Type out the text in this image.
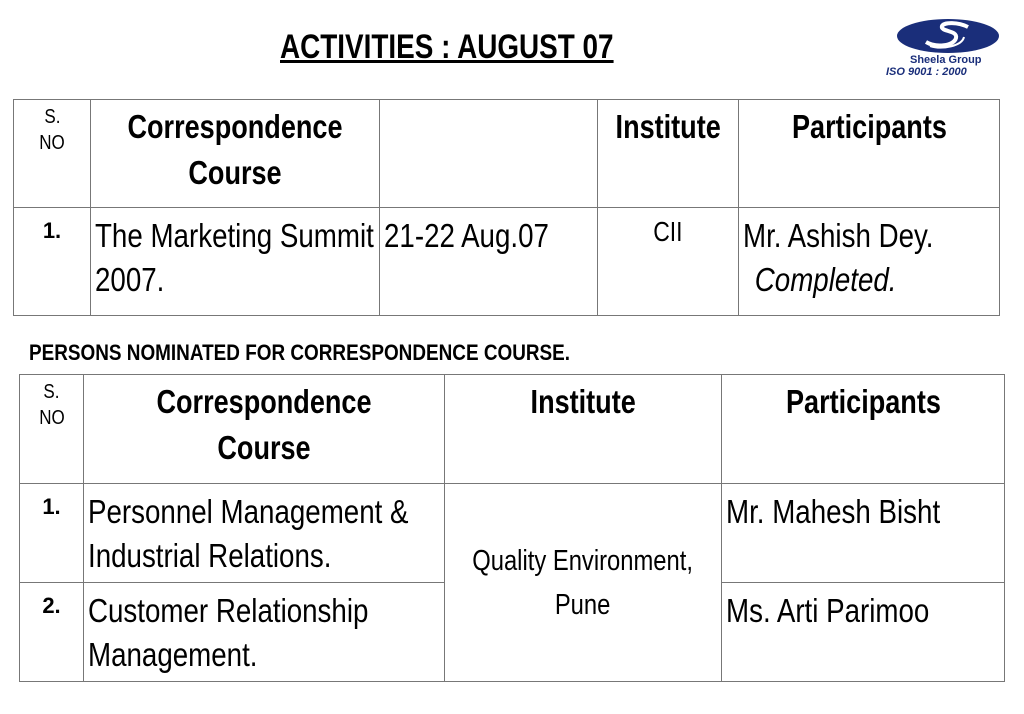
ACTIVITIES : AUGUST 07	Sheela Group
ISO 9001 : 2000
S.
NO	Correspondence Course		Institute	Participants
1.	The Marketing Summit 2007.	21-22 Aug.07	CII	Mr. Ashish Dey.
Completed.
PERSONS NOMINATED FOR CORRESPONDENCE COURSE.
S.
NO	Correspondence Course	Institute	Participants
1.	Personnel Management & Industrial Relations.	Quality Environment, Pune	Mr. Mahesh Bisht
2.	Customer Relationship Management.		Ms. Arti Parimoo
